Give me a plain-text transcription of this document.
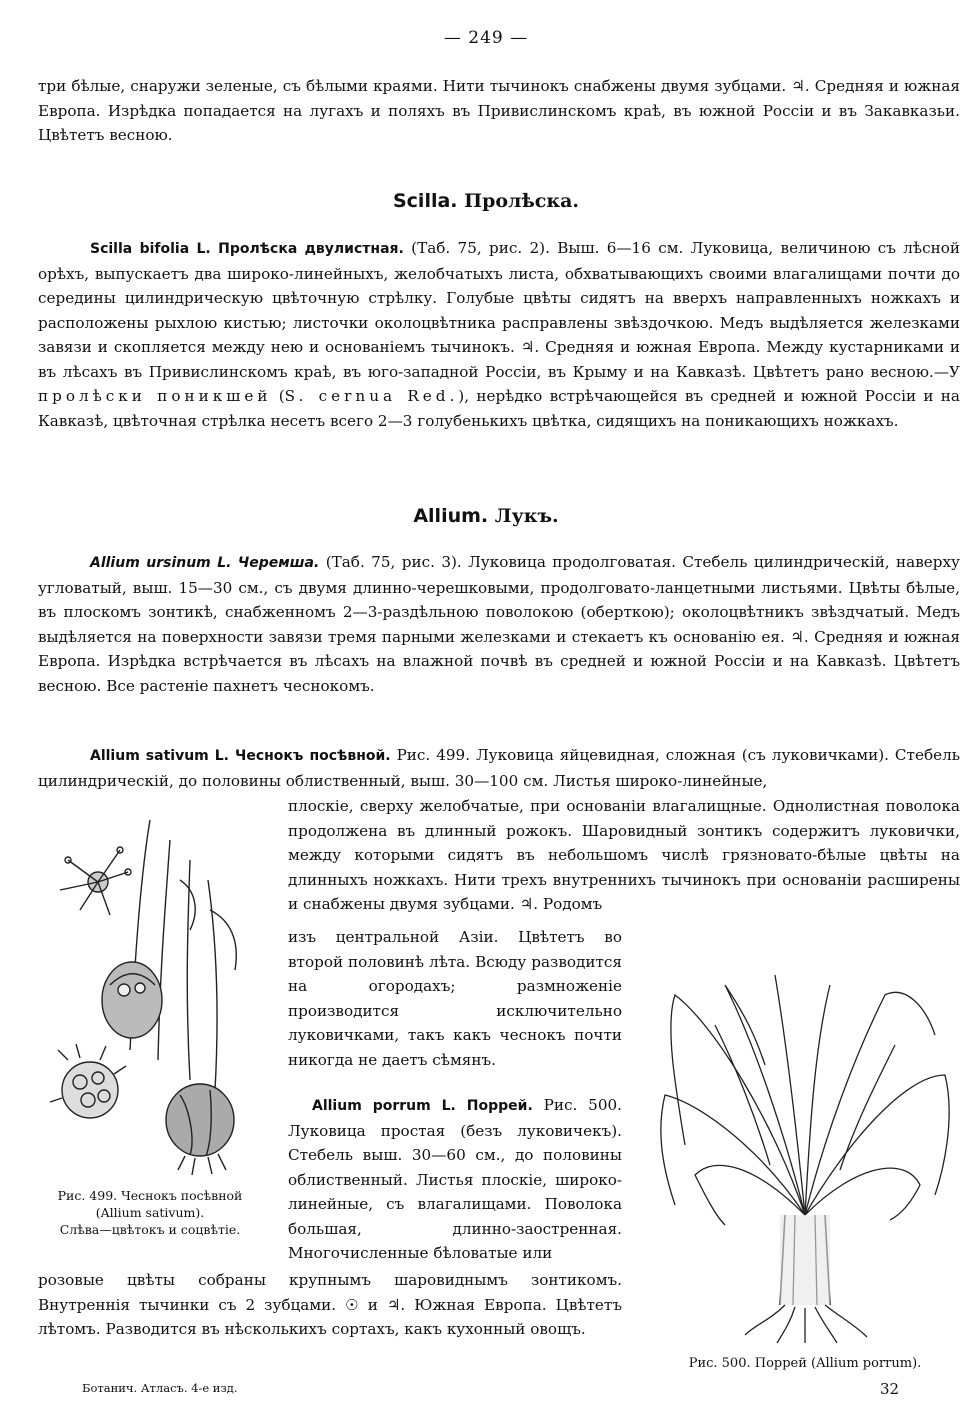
— 249 —

три бѣлые, снаружи зеленые, съ бѣлыми краями. Нити тычинокъ снабжены двумя зубцами. ♃. Средняя и южная Европа. Изрѣдка попадается на лугахъ и поляхъ въ Привислинскомъ краѣ, въ южной Россіи и въ Закавказьи. Цвѣтетъ весною.

Scilla. Пролѣска.

Scilla bifolia L. Пролѣска двулистная. (Таб. 75, рис. 2). Выш. 6—16 см. Луковица, величиною съ лѣсной орѣхъ, выпускаетъ два широко-линейныхъ, желобчатыхъ листа, обхватывающихъ своими влагалищами почти до середины цилиндрическую цвѣточную стрѣлку. Голубые цвѣты сидятъ на вверхъ направленныхъ ножкахъ и расположены рыхлою кистью; листочки околоцвѣтника расправлены звѣздочкою. Медъ выдѣляется железками завязи и скопляется между нею и основаніемъ тычинокъ. ♃. Средняя и южная Европа. Между кустарниками и въ лѣсахъ въ Привислинскомъ краѣ, въ юго-западной Россіи, въ Крыму и на Кавказѣ. Цвѣтетъ рано весною.—У пролѣски поникшей (S. cernua Red.), нерѣдко встрѣчающейся въ средней и южной Россіи и на Кавказѣ, цвѣточная стрѣлка несетъ всего 2—3 голубенькихъ цвѣтка, сидящихъ на поникающихъ ножкахъ.

Allium. Лукъ.

Allium ursinum L. Черемша. (Таб. 75, рис. 3). Луковица продолговатая. Стебель цилиндрическій, наверху угловатый, выш. 15—30 см., съ двумя длинно-черешковыми, продолговато-ланцетными листьями. Цвѣты бѣлые, въ плоскомъ зонтикѣ, снабженномъ 2—3-раздѣльною поволокою (оберткою); околоцвѣтникъ звѣздчатый. Медъ выдѣляется на поверхности завязи тремя парными железками и стекаетъ къ основанію ея. ♃. Средняя и южная Европа. Изрѣдка встрѣчается въ лѣсахъ на влажной почвѣ въ средней и южной Россіи и на Кавказѣ. Цвѣтетъ весною. Все растеніе пахнетъ чеснокомъ.

Allium sativum L. Чеснокъ посѣвной. Рис. 499. Луковица яйцевидная, сложная (съ луковичками). Стебель цилиндрическій, до половины облиственный, выш. 30—100 см. Листья широко-линейные,

плоскіе, сверху желобчатые, при основаніи влагалищные. Однолистная поволока продолжена въ длинный рожокъ. Шаровидный зонтикъ содержитъ луковички, между которыми сидятъ въ небольшомъ числѣ грязновато-бѣлые цвѣты на длинныхъ ножкахъ. Нити трехъ внутреннихъ тычинокъ при основаніи расширены и снабжены двумя зубцами. ♃. Родомъ

изъ центральной Азіи. Цвѣтетъ во второй половинѣ лѣта. Всюду разводится на огородахъ; размноженіе производится исключительно луковичками, такъ какъ чеснокъ почти никогда не даетъ сѣмянъ.

Allium porrum L. Поррей. Рис. 500. Луковица простая (безъ луковичекъ). Стебель выш. 30—60 см., до половины облиственный. Листья плоскіе, широко-линейные, съ влагалищами. Поволока большая, длинно-заостренная. Многочисленные бѣловатые или

розовые цвѣты собраны крупнымъ шаровиднымъ зонтикомъ. Внутреннія тычинки съ 2 зубцами. ☉ и ♃. Южная Европа. Цвѣтетъ лѣтомъ. Разводится въ нѣсколькихъ сортахъ, какъ кухонный овощъ.

Рис. 499. Чеснокъ посѣвной
(Allium sativum).
Слѣва—цвѣтокъ и соцвѣтіе.
Рис. 500. Поррей (Allium porrum).
Ботанич. Атласъ. 4-е изд.	32
